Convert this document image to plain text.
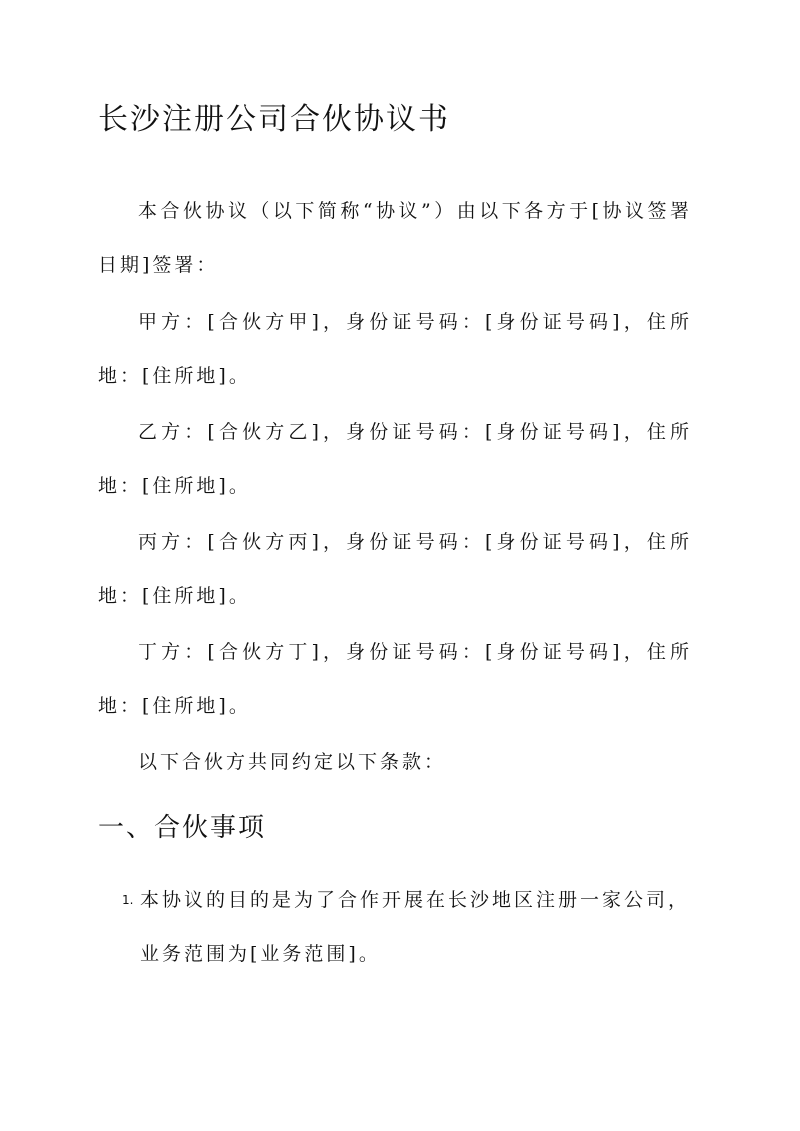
长沙注册公司合伙协议书

本合伙协议（以下简称“协议”）由以下各方于[协议签署日期]签署：

甲方：[合伙方甲]，身份证号码：[身份证号码]，住所地：[住所地]。

乙方：[合伙方乙]，身份证号码：[身份证号码]，住所地：[住所地]。

丙方：[合伙方丙]，身份证号码：[身份证号码]，住所地：[住所地]。

丁方：[合伙方丁]，身份证号码：[身份证号码]，住所地：[住所地]。

以下合伙方共同约定以下条款：

一、合伙事项

1. 本协议的目的是为了合作开展在长沙地区注册一家公司，业务范围为[业务范围]。
